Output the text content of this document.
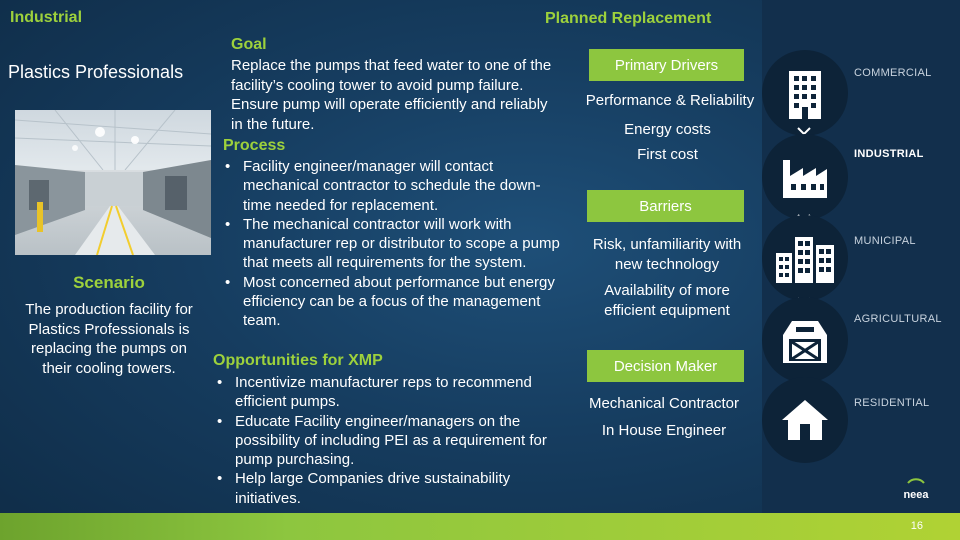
Industrial	Planned Replacement
Plastics Professionals
Scenario
The production facility for Plastics Professionals is replacing the pumps on their cooling towers.
Goal
Replace the pumps that feed water to one of the facility’s cooling tower to avoid pump failure. Ensure pump will operate efficiently and reliably in the future.
Process
• Facility engineer/manager will contact mechanical contractor to schedule the down-time needed for replacement.
• The mechanical contractor will work with manufacturer rep or distributor to scope a pump that meets all requirements for the system.
• Most concerned about performance but energy efficiency can be a focus of the management team.
Opportunities for XMP
• Incentivize manufacturer reps to recommend efficient pumps.
• Educate Facility engineer/managers on the possibility of including PEI as a requirement for pump purchasing.
• Help large Companies drive sustainability initiatives.
Primary Drivers
Performance & Reliability
Energy costs
First cost
Barriers
Risk, unfamiliarity with new technology
Availability of more efficient equipment
Decision Maker
Mechanical Contractor
In House Engineer
COMMERCIAL
INDUSTRIAL
MUNICIPAL
AGRICULTURAL
RESIDENTIAL
neea
16
